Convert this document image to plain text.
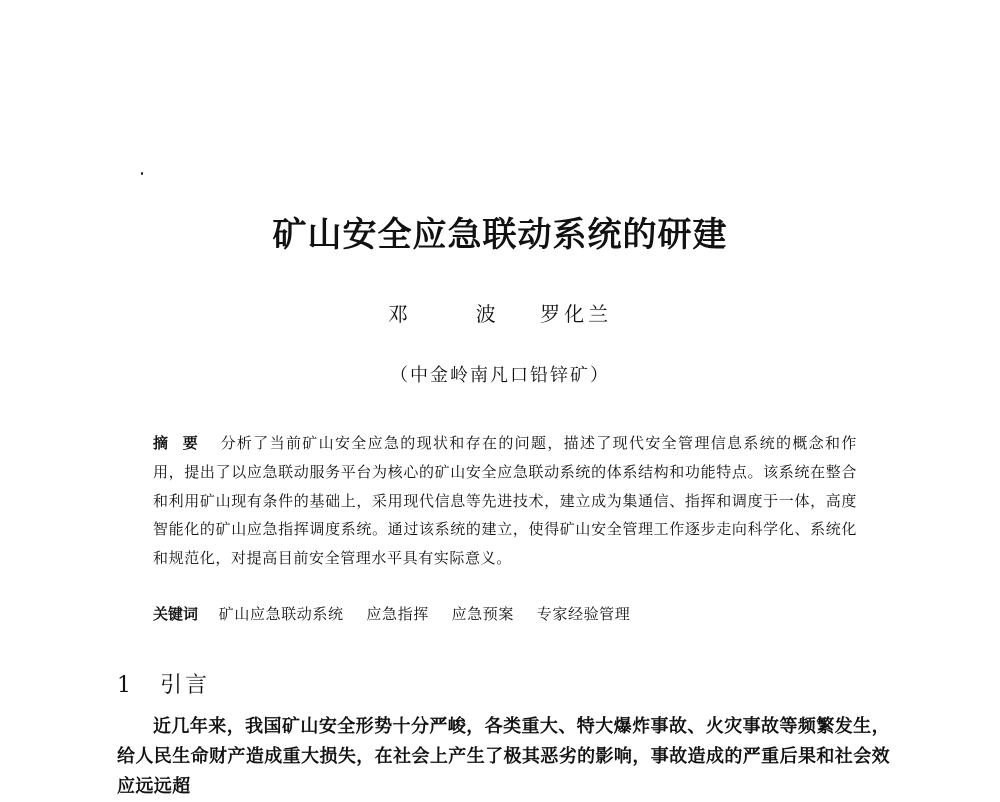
矿山安全应急联动系统的研建
邓　波 罗化兰
（中金岭南凡口铅锌矿）

摘要 分析了当前矿山安全应急的现状和存在的问题，描述了现代安全管理信息系统的概念和作用，提出了以应急联动服务平台为核心的矿山安全应急联动系统的体系结构和功能特点。该系统在整合和利用矿山现有条件的基础上，采用现代信息等先进技术，建立成为集通信、指挥和调度于一体，高度智能化的矿山应急指挥调度系统。通过该系统的建立，使得矿山安全管理工作逐步走向科学化、系统化和规范化，对提高目前安全管理水平具有实际意义。

关键词 矿山应急联动系统 应急指挥 应急预案 专家经验管理
1 引言

近几年来，我国矿山安全形势十分严峻，各类重大、特大爆炸事故、火灾事故等频繁发生，给人民生命财产造成重大损失，在社会上产生了极其恶劣的影响，事故造成的严重后果和社会效应远远超
